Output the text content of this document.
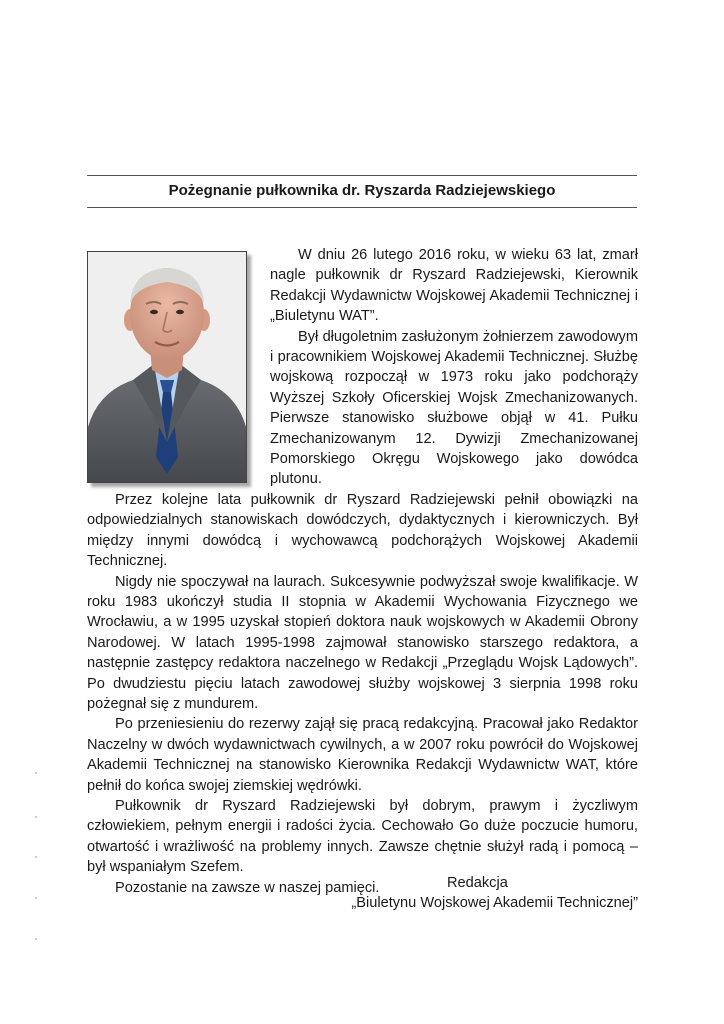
Pożegnanie pułkownika dr. Ryszarda Radziejewskiego

W dniu 26 lutego 2016 roku, w wieku 63 lat, zmarł nagle pułkownik dr Ryszard Radziejewski, Kierownik Redakcji Wydawnictw Wojskowej Akademii Technicznej i „Biuletynu WAT”.

Był długoletnim zasłużonym żołnierzem zawodowym i pracownikiem Wojskowej Akademii Technicznej. Służbę wojskową rozpoczął w 1973 roku jako podchorąży Wyższej Szkoły Oficerskiej Wojsk Zmechanizowanych. Pierwsze stanowisko służbowe objął w 41. Pułku Zmechanizowanym 12. Dywizji Zmechanizowanej Pomorskiego Okręgu Wojskowego jako dowódca plutonu.

Przez kolejne lata pułkownik dr Ryszard Radziejewski pełnił obowiązki na odpowiedzialnych stanowiskach dowódczych, dydaktycznych i kierowniczych. Był między innymi dowódcą i wychowawcą podchorążych Wojskowej Akademii Technicznej.

Nigdy nie spoczywał na laurach. Sukcesywnie podwyższał swoje kwalifikacje. W roku 1983 ukończył studia II stopnia w Akademii Wychowania Fizycznego we Wrocławiu, a w 1995 uzyskał stopień doktora nauk wojskowych w Akademii Obrony Narodowej. W latach 1995-1998 zajmował stanowisko starszego redaktora, a następnie zastępcy redaktora naczelnego w Redakcji „Przeglądu Wojsk Lądowych”. Po dwudziestu pięciu latach zawodowej służby wojskowej 3 sierpnia 1998 roku pożegnał się z mundurem.

Po przeniesieniu do rezerwy zajął się pracą redakcyjną. Pracował jako Redaktor Naczelny w dwóch wydawnictwach cywilnych, a w 2007 roku powrócił do Wojskowej Akademii Technicznej na stanowisko Kierownika Redakcji Wydawnictw WAT, które pełnił do końca swojej ziemskiej wędrówki.

Pułkownik dr Ryszard Radziejewski był dobrym, prawym i życzliwym człowiekiem, pełnym energii i radości życia. Cechowało Go duże poczucie humoru, otwartość i wrażliwość na problemy innych. Zawsze chętnie służył radą i pomocą – był wspaniałym Szefem.

Pozostanie na zawsze w naszej pamięci.	Redakcja
„Biuletynu Wojskowej Akademii Technicznej”
